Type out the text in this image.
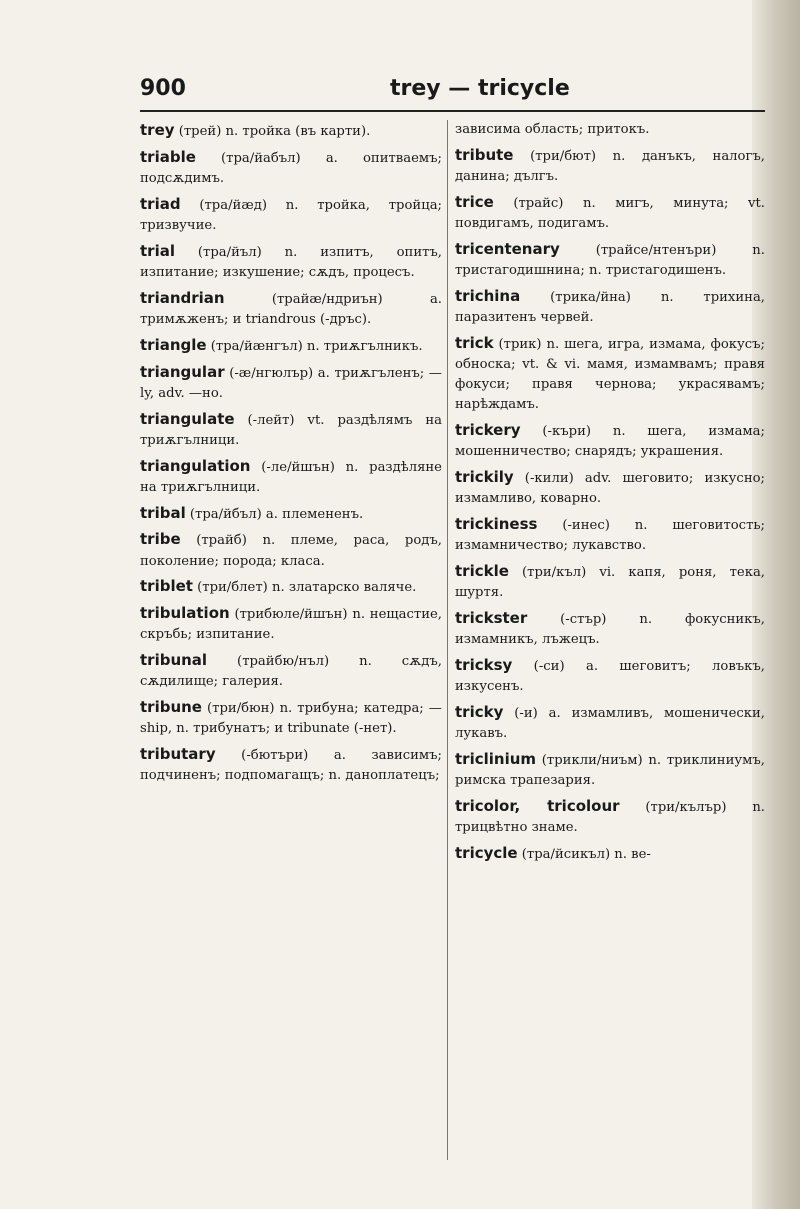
900	trey — tricycle
trey (трей) n. тройка (въ карти).
triable (тра/йабъл) a. опитваемъ; подсѫдимъ.
triad (тра/йæд) n. тройка, тройца; тризвучие.
trial (тра/йъл) n. изпитъ, опитъ, изпитание; изкушение; сѫдъ, процесъ.
triandrian (трайæ/ндриън) a. тримѫженъ; и triandrous (-дръс).
triangle (тра/йæнгъл) n. триѫгълникъ.
triangular (-æ/нгюлър) a. триѫгъленъ; —ly, adv. —но.
triangulate (-лейт) vt. раздѣлямъ на триѫгълници.
triangulation (-ле/йшън) n. раздѣляне на триѫгълници.
tribal (тра/йбъл) a. племененъ.
tribe (трайб) n. племе, раса, родъ, поколение; порода; класа.
triblet (три/блет) n. златарско валяче.
tribulation (трибюле/йшън) n. нещастие, скръбь; изпитание.
tribunal (трайбю/нъл) n. сѫдъ, сѫдилище; галерия.
tribune (три/бюн) n. трибуна; катедра; —ship, n. трибунатъ; и tribunate (-нет).
tributary (-бютъри) a. зависимъ; подчиненъ; подпомагащъ; n. даноплатецъ;
зависима область; притокъ.
tribute (три/бют) n. данъкъ, налогъ, данина; дългъ.
trice (трайс) n. мигъ, минута; vt. повдигамъ, подигамъ.
tricentenary (трайсе/нтенъри) n. тристагодишнина; n. тристагодишенъ.
trichina (трика/йна) n. трихина, паразитенъ червей.
trick (трик) n. шега, игра, измама, фокусъ; обноска; vt. & vi. мамя, измамвамъ; правя фокуси; правя чернова; украсявамъ; нарѣждамъ.
trickery (-къри) n. шега, измама; мошенничество; снарядъ; украшения.
trickily (-кили) adv. шеговито; изкусно; измамливо, коварно.
trickiness (-инес) n. шеговитость; измамничество; лукавство.
trickle (три/къл) vi. капя, роня, тека, шуртя.
trickster (-стър) n. фокусникъ, измамникъ, лъжецъ.
tricksy (-си) a. шеговитъ; ловъкъ, изкусенъ.
tricky (-и) a. измамливъ, мошенически, лукавъ.
triclinium (трикли/ниъм) n. триклиниумъ, римска трапезария.
tricolor, tricolour (три/кълър) n. трицвѣтно знаме.
tricycle (тра/йсикъл) n. ве-
